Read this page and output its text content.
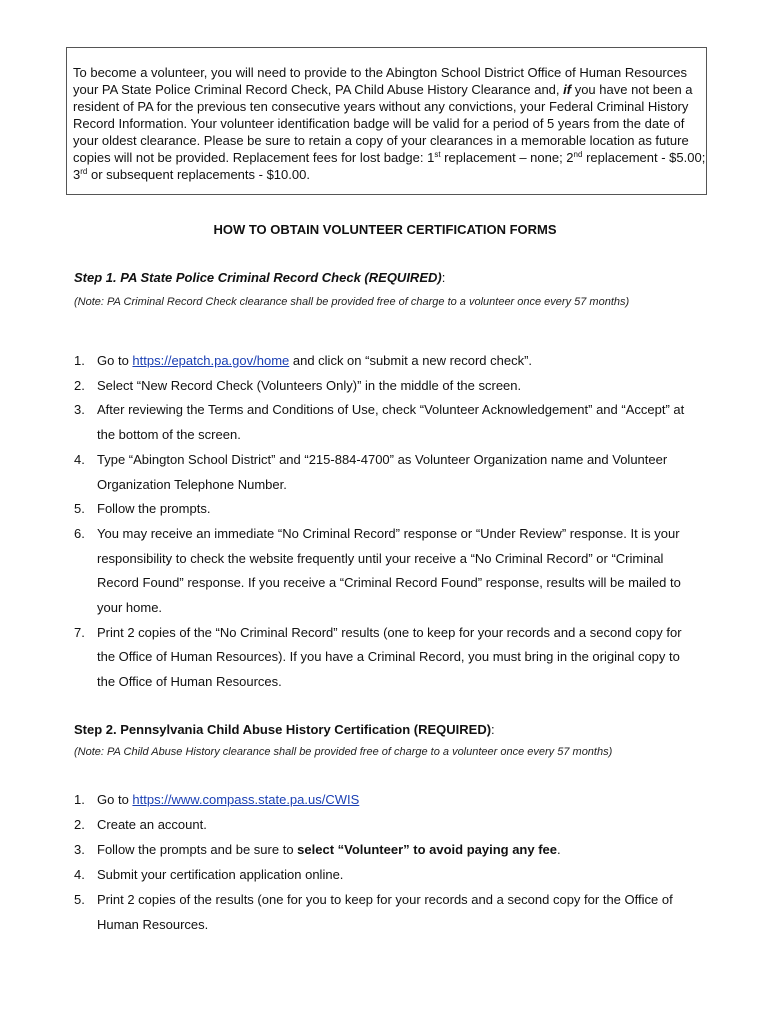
To become a volunteer, you will need to provide to the Abington School District Office of Human Resources your PA State Police Criminal Record Check, PA Child Abuse History Clearance and, if you have not been a resident of PA for the previous ten consecutive years without any convictions, your Federal Criminal History Record Information. Your volunteer identification badge will be valid for a period of 5 years from the date of your oldest clearance. Please be sure to retain a copy of your clearances in a memorable location as future copies will not be provided. Replacement fees for lost badge: 1st replacement – none; 2nd replacement - $5.00; 3rd or subsequent replacements - $10.00.
HOW TO OBTAIN VOLUNTEER CERTIFICATION FORMS
Step 1. PA State Police Criminal Record Check (REQUIRED):
(Note: PA Criminal Record Check clearance shall be provided free of charge to a volunteer once every 57 months)
1. Go to https://epatch.pa.gov/home and click on “submit a new record check”.
2. Select “New Record Check (Volunteers Only)” in the middle of the screen.
3. After reviewing the Terms and Conditions of Use, check “Volunteer Acknowledgement” and “Accept” at the bottom of the screen.
4. Type “Abington School District” and “215-884-4700” as Volunteer Organization name and Volunteer Organization Telephone Number.
5. Follow the prompts.
6. You may receive an immediate “No Criminal Record” response or “Under Review” response. It is your responsibility to check the website frequently until your receive a “No Criminal Record” or “Criminal Record Found” response. If you receive a “Criminal Record Found” response, results will be mailed to your home.
7. Print 2 copies of the “No Criminal Record” results (one to keep for your records and a second copy for the Office of Human Resources). If you have a Criminal Record, you must bring in the original copy to the Office of Human Resources.
Step 2. Pennsylvania Child Abuse History Certification (REQUIRED):
(Note: PA Child Abuse History clearance shall be provided free of charge to a volunteer once every 57 months)
1. Go to https://www.compass.state.pa.us/CWIS
2. Create an account.
3. Follow the prompts and be sure to select “Volunteer” to avoid paying any fee.
4. Submit your certification application online.
5. Print 2 copies of the results (one for you to keep for your records and a second copy for the Office of Human Resources.
